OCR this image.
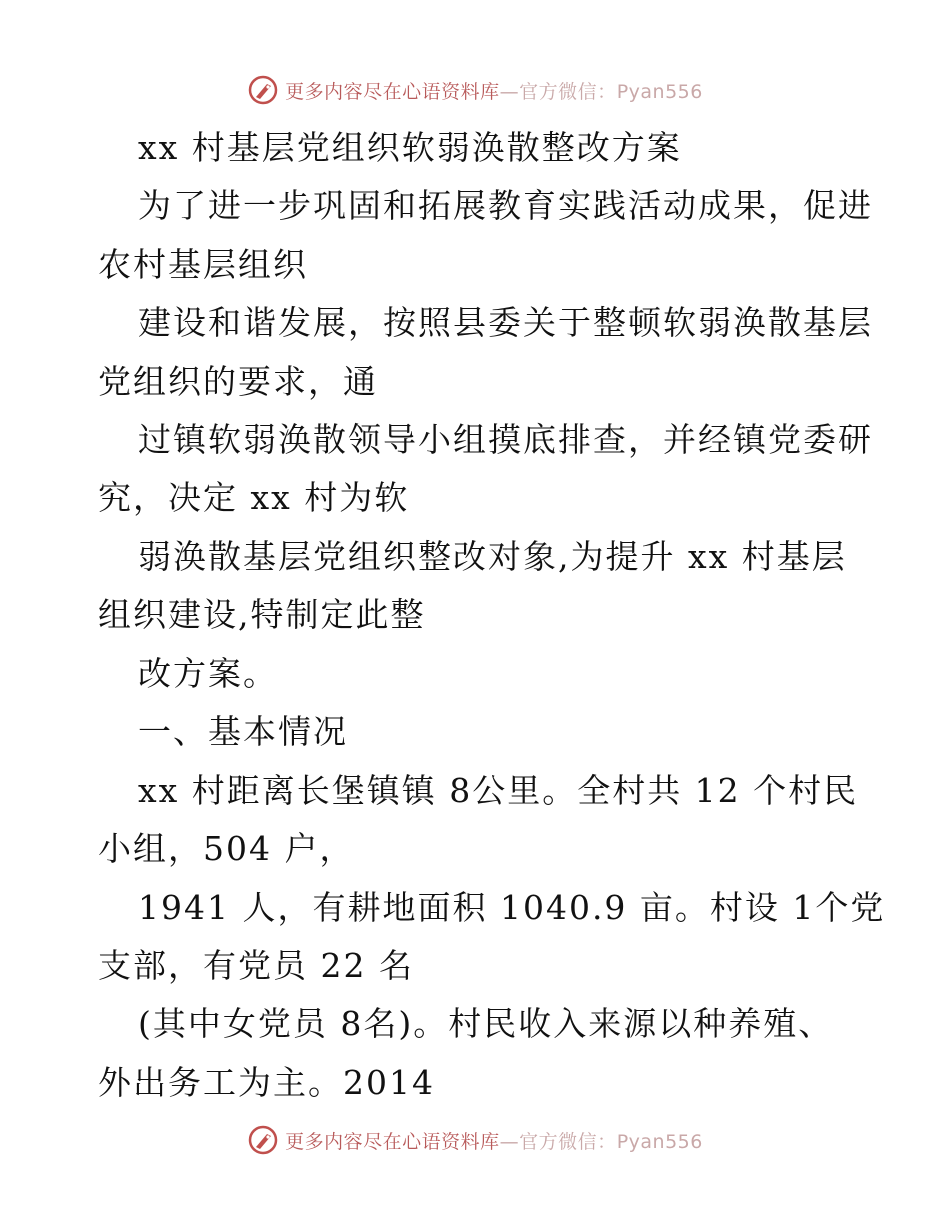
更多内容尽在心语资料库—官方微信：Pyan556
xx 村基层党组织软弱涣散整改方案
为了进一步巩固和拓展教育实践活动成果，促进
农村基层组织
建设和谐发展，按照县委关于整顿软弱涣散基层
党组织的要求，通
过镇软弱涣散领导小组摸底排查，并经镇党委研
究，决定 xx 村为软
弱涣散基层党组织整改对象,为提升 xx 村基层
组织建设,特制定此整
改方案。
一、基本情况
xx 村距离长堡镇镇 8公里。全村共 12 个村民
小组，504 户，
1941 人，有耕地面积 1040.9 亩。村设 1个党
支部，有党员 22 名
(其中女党员 8名)。村民收入来源以种养殖、
外出务工为主。2014
更多内容尽在心语资料库—官方微信：Pyan556
